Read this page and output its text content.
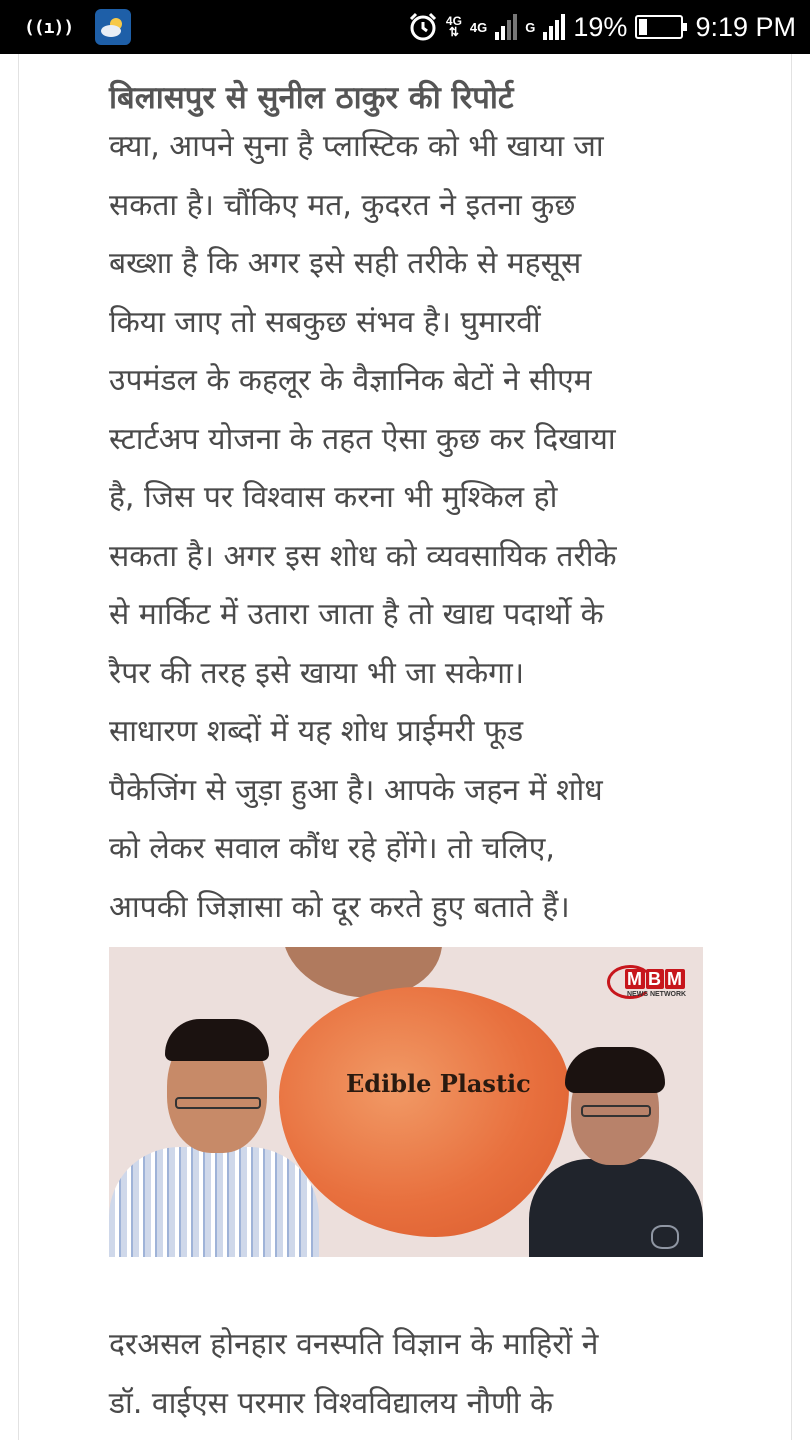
((ı))	4G
⇅ 4G	G 19%	9:19 PM
बिलासपुर से सुनील ठाकुर की रिपोर्ट
क्या, आपने सुना है प्लास्टिक को भी खाया जा
सकता है। चौंकिए मत, कुदरत ने इतना कुछ
बख्शा है कि अगर इसे सही तरीके से महसूस
किया जाए तो सबकुछ संभव है। घुमारवीं
उपमंडल के कहलूर के वैज्ञानिक बेटों ने सीएम
स्टार्टअप योजना के तहत ऐसा कुछ कर दिखाया
है, जिस पर विश्वास करना भी मुश्किल हो
सकता है। अगर इस शोध को व्यवसायिक तरीके
से मार्किट में उतारा जाता है तो खाद्य पदार्थो के
रैपर की तरह इसे खाया भी जा सकेगा।
साधारण शब्दों में यह शोध प्राईमरी फूड
पैकेजिंग से जुड़ा हुआ है। आपके जहन में शोध
को लेकर सवाल कौंध रहे होंगे। तो चलिए,
आपकी जिज्ञासा को दूर करते हुए बताते हैं।
Edible Plastic
M B M
NEWS NETWORK
दरअसल होनहार वनस्पति विज्ञान के माहिरों ने
डॉ. वाईएस परमार विश्वविद्यालय नौणी के
